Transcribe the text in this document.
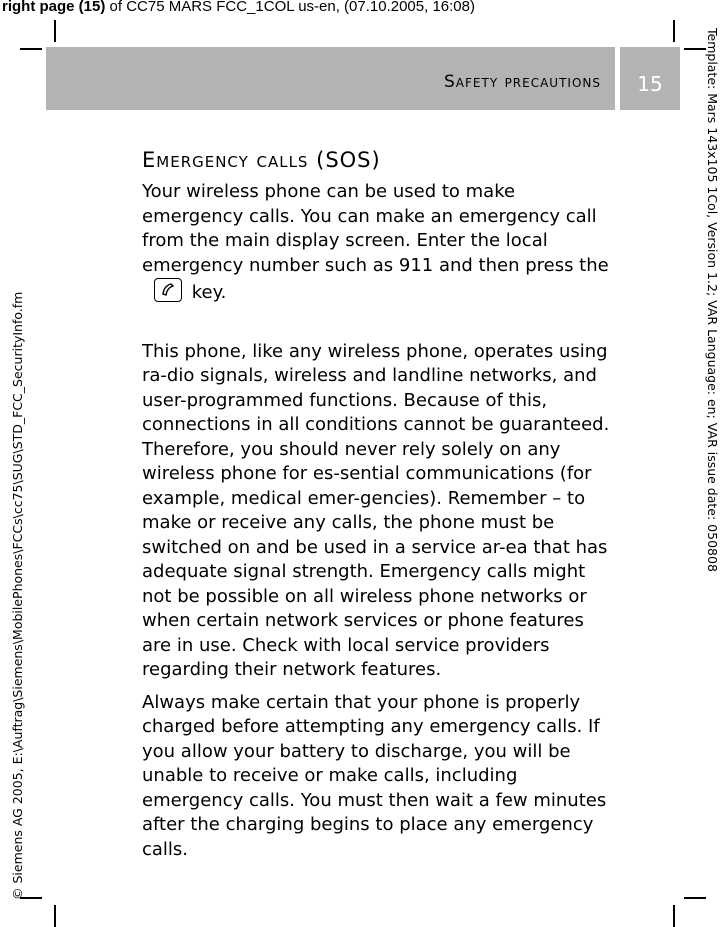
right page (15) of CC75 MARS FCC_1COL us-en, (07.10.2005, 16:08)
Safety precautions	15
© Siemens AG 2005, E:\Auftrag\Siemens\MobilePhones\FCCs\cc75\SUG\STD_FCC_SecurityInfo.fm	Template: Mars 143x105 1Col, Version 1.2; VAR Language: en; VAR issue date: 050808
Emergency calls (SOS)

Your wireless phone can be used to make emergency calls. You can make an emergency call from the main display screen. Enter the local emergency number such as 911 and then press the
key.

This phone, like any wireless phone, operates using ra-dio signals, wireless and landline networks, and user-programmed functions. Because of this, connections in all conditions cannot be guaranteed. Therefore, you should never rely solely on any wireless phone for es-sential communications (for example, medical emer-gencies). Remember – to make or receive any calls, the phone must be switched on and be used in a service ar-ea that has adequate signal strength. Emergency calls might not be possible on all wireless phone networks or when certain network services or phone features are in use. Check with local service providers regarding their network features.

Always make certain that your phone is properly charged before attempting any emergency calls. If you allow your battery to discharge, you will be unable to receive or make calls, including emergency calls. You must then wait a few minutes after the charging begins to place any emergency calls.
